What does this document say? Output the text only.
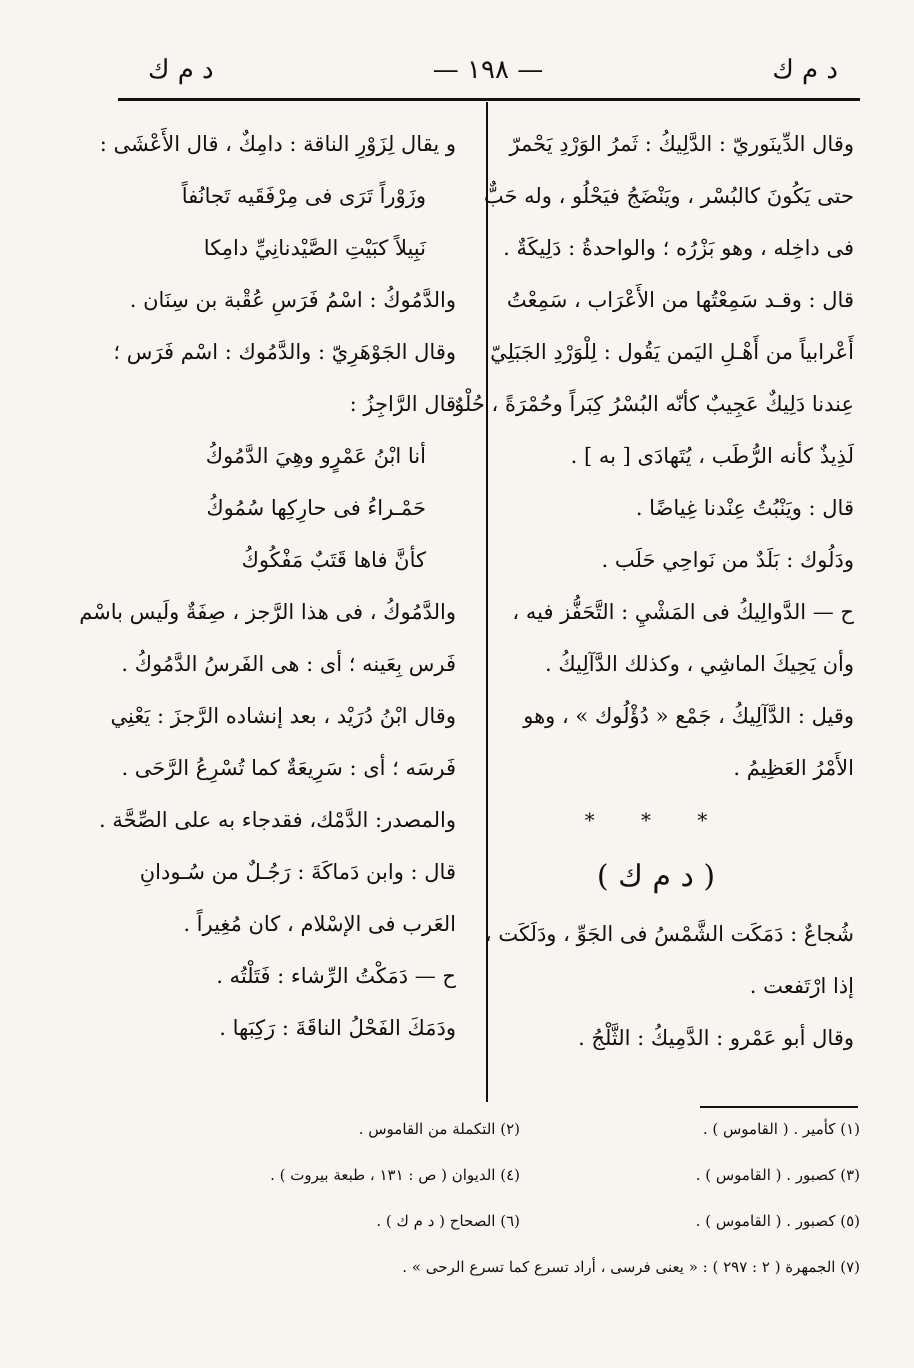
د م ك
— ١٩٨ —
د م ك
وقال الدِّينَوريّ : الدَّلِيكُ : ثَمرُ الوَرْدِ يَحْمرّ
حتى يَكُونَ كالبُسْر ، ويَنْضَجُ فيَحْلُو ، وله حَبٌّ
فى داخِله ، وهو بَزْرُه ؛ والواحدةُ : دَلِيكَةٌ .
قال : وقـد سَمِعْتُها من الأَعْرَاب ، سَمِعْتُ
أَعْرابياً من أَهْـلِ اليَمن يَقُول : لِلْوَرْدِ الجَبَلِيّ
عِندنا دَلِيكٌ عَجِيبٌ كأنّه البُسْرُ كِبَراً وحُمْرَةً ، حُلْوٌ
لَذِيذٌ كأنه الرُّطَب ، يُتَهادَى [ به ] .
قال : ويَنْبُتُ عِنْدنا غِياضًا .
ودَلُوك : بَلَدٌ من نَواحِي حَلَب .
ح — الدَّوالِيكُ فى المَشْيِ : التَّحَفُّز فيه ،
وأن يَحِيكَ الماشِي ، وكذلك الدَّآلِيكُ .
وقيل : الدَّآلِيكُ ، جَمْع « دُؤْلُوك » ، وهو
الأَمْرُ العَظِيمُ .
* * *
( د م ك )
شُجاعٌ : دَمَكَت الشَّمْسُ فى الجَوِّ ، ودَلَكَت ،
إذا ارْتَفعت .
وقال أبو عَمْرو : الدَّمِيكُ : الثَّلْجُ .
و يقال لِزَوْرِ الناقة : دامِكٌ ، قال الأَعْشَى :
وزَوْراً تَرَى فى مِرْفَقَيه تَجانُفاً
نَبِيلاً كبَيْتِ الصَّيْدنانِيِّ دامِكا
والدَّمُوكُ : اسْمُ فَرَسِ عُقْبة بن سِنَان .
وقال الجَوْهَرِيّ : والدَّمُوك : اسْم فَرَس ؛
قال الرَّاجِزُ :
أنا ابْنُ عَمْرٍو وهِيَ الدَّمُوكُ
حَمْـراءُ فى حارِكِها سُمُوكُ
كأنَّ فاها قَتَبٌ مَفْكُوكُ
والدَّمُوكُ ، فى هذا الرَّجز ، صِفَةٌ ولَيس باسْم
فَرس بِعَينه ؛ أى : هى الفَرسُ الدَّمُوكُ .
وقال ابْنُ دُرَيْد ، بعد إنشاده الرَّجزَ : يَعْنِي
فَرسَه ؛ أى : سَرِيعَةٌ كما تُسْرِعُ الرَّحَى .
والمصدر: الدَّمْك، فقدجاء به على الصِّحَّة .
قال : وابن دَماكَةَ : رَجُـلٌ من سُـودانِ
العَرب فى الإسْلام ، كان مُغِيراً .
ح — دَمَكْتُ الرِّشاء : فَتَلْتُه .
ودَمَكَ الفَحْلُ الناقَةَ : رَكِبَها .
(١) كأمير . ( القاموس ) .
(٢) التكملة من القاموس .
(٣) كصبور . ( القاموس ) .
(٤) الديوان ( ص : ١٣١ ، طبعة بيروت ) .
(٥) كصبور . ( القاموس ) .
(٦) الصحاح ( د م ك ) .
(٧) الجمهرة ( ٢ : ٢٩٧ ) : « يعنى فرسى ، أراد تسرع كما تسرع الرحى » .
